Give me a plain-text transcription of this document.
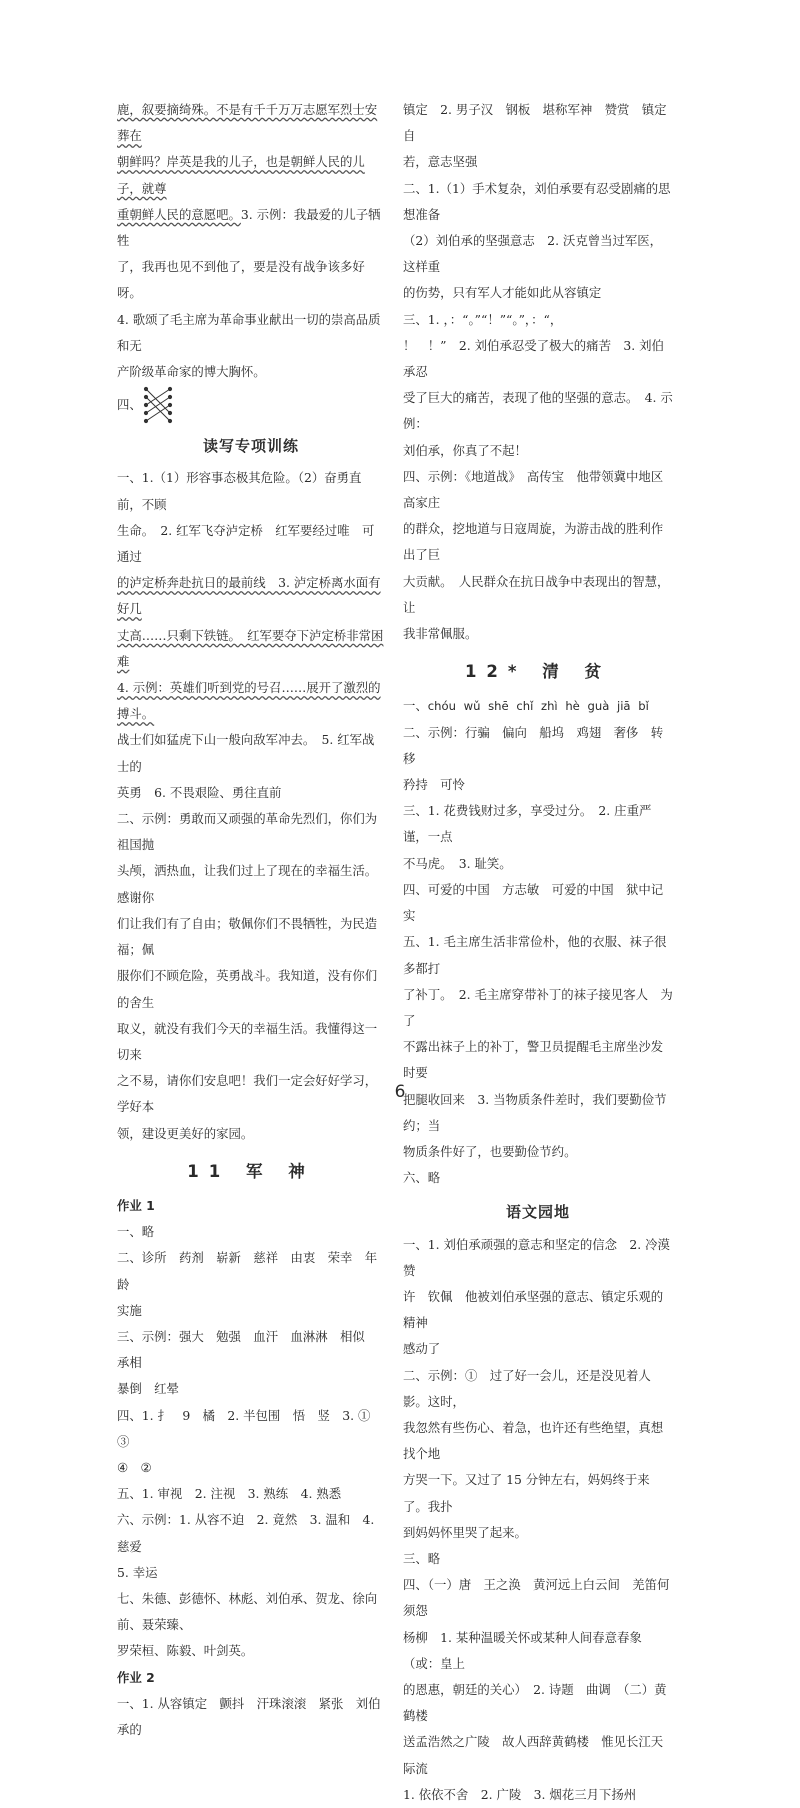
鹿，叙要摘绮殊。不是有千千万万志愿军烈士安葬在

朝鲜吗？岸英是我的儿子，也是朝鲜人民的儿子，就尊

重朝鲜人民的意愿吧。3. 示例：我最爱的儿子牺牲

了，我再也见不到他了，要是没有战争该多好呀。

4. 歌颂了毛主席为革命事业献出一切的崇高品质和无

产阶级革命家的博大胸怀。

四、
读写专项训练

一、1.（1）形容事态极其危险。（2）奋勇直前，不顾

生命。　2. 红军飞夺泸定桥　红军要经过唯　可通过

的泸定桥奔赴抗日的最前线　3. 泸定桥离水面有好几

丈高……只剩下铁链。　红军要夺下泸定桥非常困难

4. 示例：英雄们听到党的号召……展开了激烈的搏斗。

战士们如猛虎下山一般向敌军冲去。　5. 红军战士的

英勇　6. 不畏艰险、勇往直前

二、示例：勇敢而又顽强的革命先烈们，你们为祖国抛

头颅，洒热血，让我们过上了现在的幸福生活。感谢你

们让我们有了自由；敬佩你们不畏牺牲，为民造福；佩

服你们不顾危险，英勇战斗。我知道，没有你们的舍生

取义，就没有我们今天的幸福生活。我懂得这一切来

之不易，请你们安息吧！我们一定会好好学习，学好本

领，建设更美好的家园。

11 军 神

作业 1

一、略

二、诊所　药剂　崭新　慈祥　由衷　荣幸　年龄

实施

三、示例：强大　勉强　血汗　血淋淋　相似　承相

暴倒　红晕

四、1. 扌　9　橘　2. 半包围　悟　竖　3. ①　③

④　②

五、1. 审视　2. 注视　3. 熟练　4. 熟悉

六、示例：1. 从容不迫　2. 竟然　3. 温和　4. 慈爱

5. 幸运

七、朱德、彭德怀、林彪、刘伯承、贺龙、徐向前、聂荣臻、

罗荣桓、陈毅、叶剑英。

作业 2

一、1. 从容镇定　颤抖　汗珠滚滚　紧张　刘伯承的

镇定　2. 男子汉　钢板　堪称军神　赞赏　镇定自

若，意志坚强

二、1.（1）手术复杂，刘伯承要有忍受剧痛的思想准备

（2）刘伯承的坚强意志　2. 沃克曾当过军医，这样重

的伤势，只有军人才能如此从容镇定

三、1. ，：“。”“！”“。”，：“，

！　！”　2. 刘伯承忍受了极大的痛苦　3. 刘伯承忍

受了巨大的痛苦，表现了他的坚强的意志。　4. 示例：

刘伯承，你真了不起！

四、示例：《地道战》　高传宝　他带领冀中地区高家庄

的群众，挖地道与日寇周旋，为游击战的胜利作出了巨

大贡献。　人民群众在抗日战争中表现出的智慧，让

我非常佩服。

12* 清 贫

一、chóu wǔ shē chǐ zhì hè guà jiā bǐ

二、示例：行骗　偏向　船坞　鸡翅　奢侈　转移

矜持　可怜

三、1. 花费钱财过多，享受过分。　2. 庄重严谨，一点

不马虎。　3. 耻笑。

四、可爱的中国　方志敏　可爱的中国　狱中记实

五、1. 毛主席生活非常俭朴，他的衣服、袜子很多都打

了补丁。　2. 毛主席穿带补丁的袜子接见客人　为了

不露出袜子上的补丁，警卫员提醒毛主席坐沙发时要

把腿收回来　3. 当物质条件差时，我们要勤俭节约；当

物质条件好了，也要勤俭节约。

六、略

语文园地

一、1. 刘伯承顽强的意志和坚定的信念　2. 冷漠　赞

许　钦佩　他被刘伯承坚强的意志、镇定乐观的精神

感动了

二、示例：①　过了好一会儿，还是没见着人影。这时，

我忽然有些伤心、着急，也许还有些绝望，真想找个地

方哭一下。又过了 15 分钟左右，妈妈终于来了。我扑

到妈妈怀里哭了起来。

三、略

四、（一）唐　王之涣　黄河远上白云间　羌笛何须怨

杨柳　1. 某种温暖关怀或某种人间春意春象（或：皇上

的恩惠，朝廷的关心）　2. 诗题　曲调　（二）黄鹤楼

送孟浩然之广陵　故人西辞黄鹤楼　惟见长江天际流

1. 依依不舍　2. 广陵　3. 烟花三月下扬州

6
